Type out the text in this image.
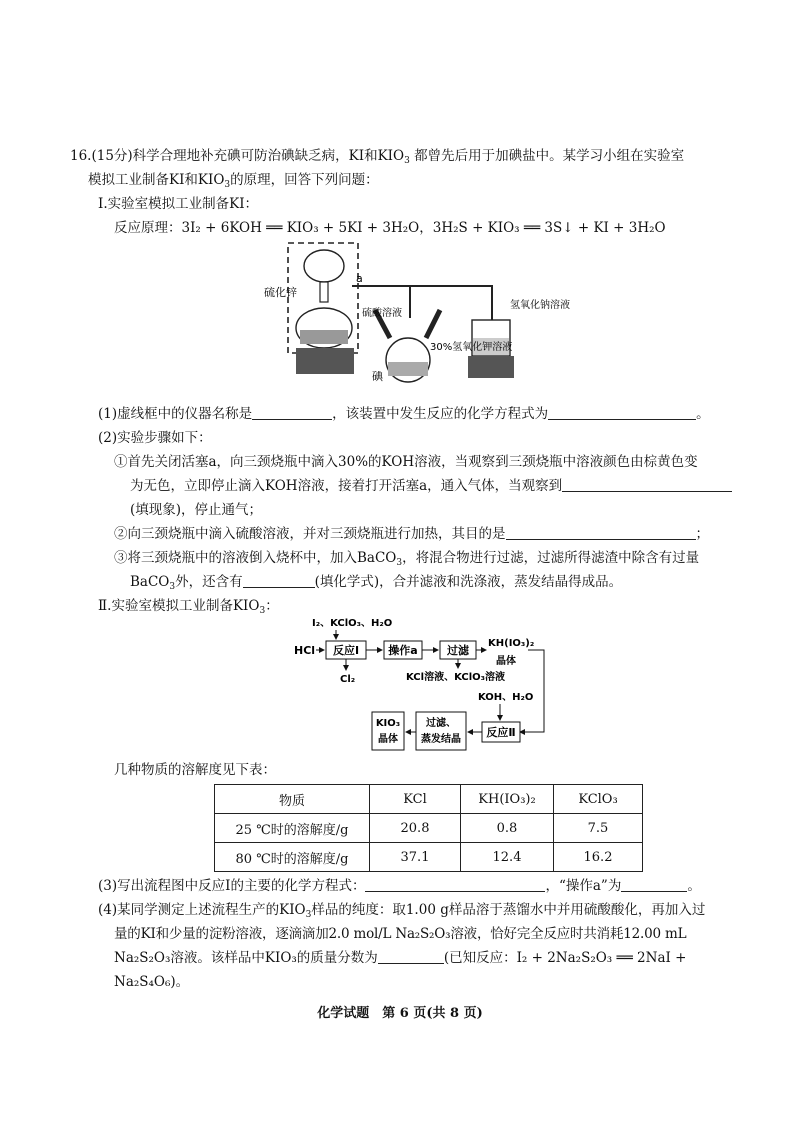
16.(15分)科学合理地补充碘可防治碘缺乏病，KI和$KIO_3$ 都曾先后用于加碘盐中。某学习小组在实验室
模拟工业制备KI和$KIO_3$的原理，回答下列问题：
Ⅰ.实验室模拟工业制备KI：
反应原理：3I₂ + 6KOH ══ KIO₃ + 5KI + 3H₂O，3H₂S + KIO₃ ══ 3S↓ + KI + 3H₂O
硫化锌
a
硫酸溶液
30%氢氧化钾溶液
氢氧化钠溶液
碘
(1)虚线框中的仪器名称是	，该装置中发生反应的化学方程式为	。
(2)实验步骤如下：
①首先关闭活塞a，向三颈烧瓶中滴入30%的KOH溶液，当观察到三颈烧瓶中溶液颜色由棕黄色变
为无色，立即停止滴入KOH溶液，接着打开活塞a，通入气体，当观察到
(填现象)，停止通气；
②向三颈烧瓶中滴入硫酸溶液，并对三颈烧瓶进行加热，其目的是	；
③将三颈烧瓶中的溶液倒入烧杯中，加入BaCO$_3$，将混合物进行过滤，过滤所得滤渣中除含有过量
BaCO$_3$外，还含有	(填化学式)，合并滤液和洗涤液，蒸发结晶得成品。
Ⅱ.实验室模拟工业制备$KIO_3$：
I₂、KClO₃、H₂O
HCl 反应Ⅰ	操作a	过滤
KH(IO₃)₂
晶体
Cl₂	KCl溶液、KClO₃溶液
KOH、H₂O
反应Ⅱ
过滤、
蒸发结晶
KIO₃
晶体
几种物质的溶解度见下表：
物质	KCl	KH(IO₃)₂	KClO₃
25 ℃时的溶解度/g	20.8	0.8	7.5
80 ℃时的溶解度/g	37.1	12.4	16.2
(3)写出流程图中反应Ⅰ的主要的化学方程式：	，“操作a”为	。
(4)某同学测定上述流程生产的$KIO_3$样品的纯度：取1.00 g样品溶于蒸馏水中并用硫酸酸化，再加入过
量的KI和少量的淀粉溶液，逐滴滴加2.0 mol/L Na₂S₂O₃溶液，恰好完全反应时共消耗12.00 mL
Na₂S₂O₃溶液。该样品中KIO₃的质量分数为	(已知反应：I₂ + 2Na₂S₂O₃ ══ 2NaI +
Na₂S₄O₆)。
化学试题　第 6 页(共 8 页)
